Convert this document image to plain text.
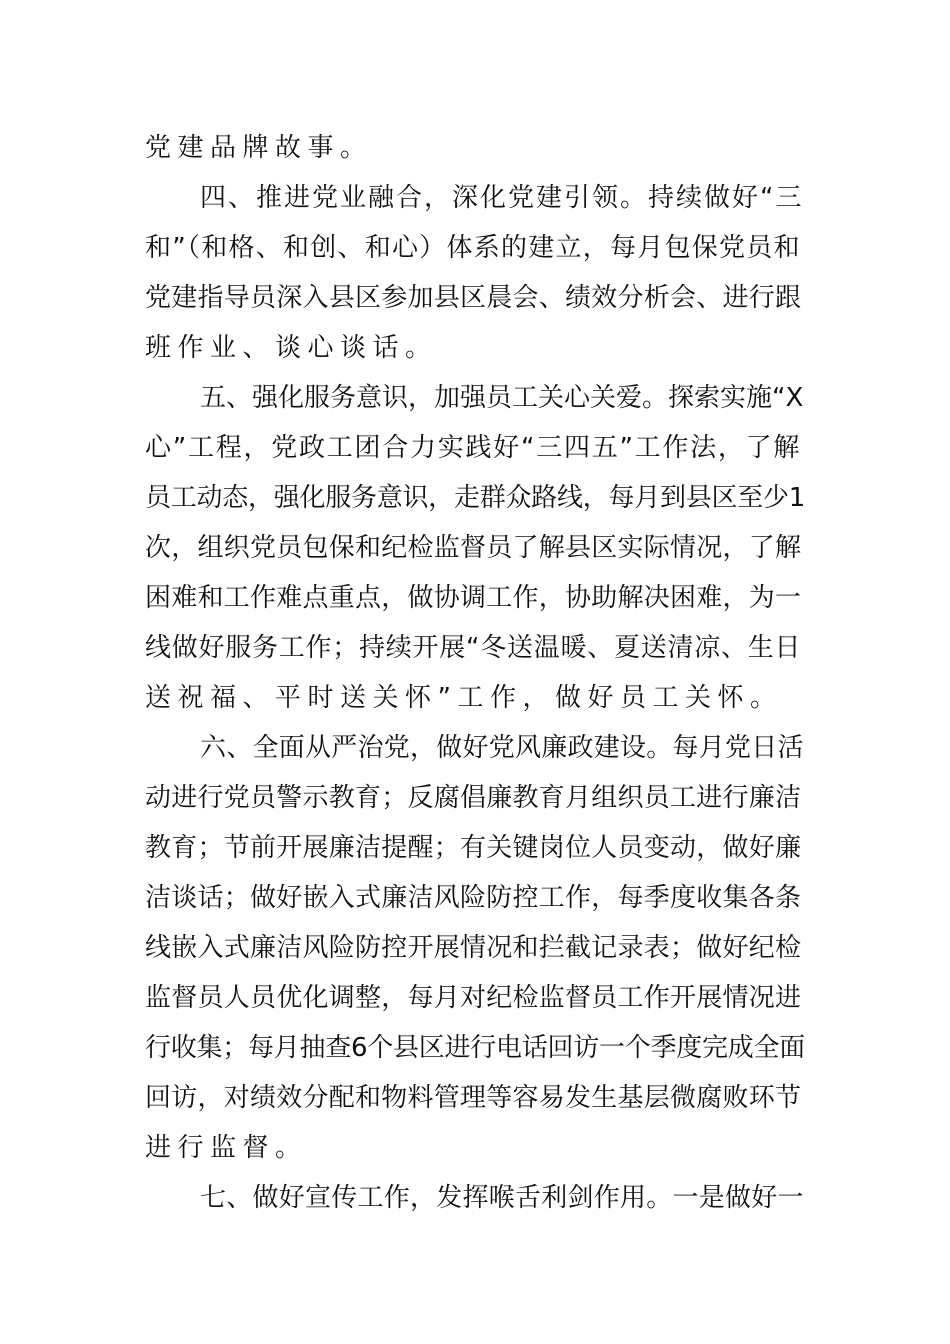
党建品牌故事。
四、推进党业融合，深化党建引领。持续做好“三
和”（和格、和创、和心）体系的建立，每月包保党员和
党建指导员深入县区参加县区晨会、绩效分析会、进行跟
班作业、谈心谈话。
五、强化服务意识，加强员工关心关爱。探索实施“X
心”工程，党政工团合力实践好“三四五”工作法，了解
员工动态，强化服务意识，走群众路线，每月到县区至少1
次，组织党员包保和纪检监督员了解县区实际情况，了解
困难和工作难点重点，做协调工作，协助解决困难，为一
线做好服务工作；持续开展“冬送温暖、夏送清凉、生日
送祝福、平时送关怀”工作，做好员工关怀。
六、全面从严治党，做好党风廉政建设。每月党日活
动进行党员警示教育；反腐倡廉教育月组织员工进行廉洁
教育；节前开展廉洁提醒；有关键岗位人员变动，做好廉
洁谈话；做好嵌入式廉洁风险防控工作，每季度收集各条
线嵌入式廉洁风险防控开展情况和拦截记录表；做好纪检
监督员人员优化调整，每月对纪检监督员工作开展情况进
行收集；每月抽查6个县区进行电话回访一个季度完成全面
回访，对绩效分配和物料管理等容易发生基层微腐败环节
进行监督。
七、做好宣传工作，发挥喉舌利剑作用。一是做好一
